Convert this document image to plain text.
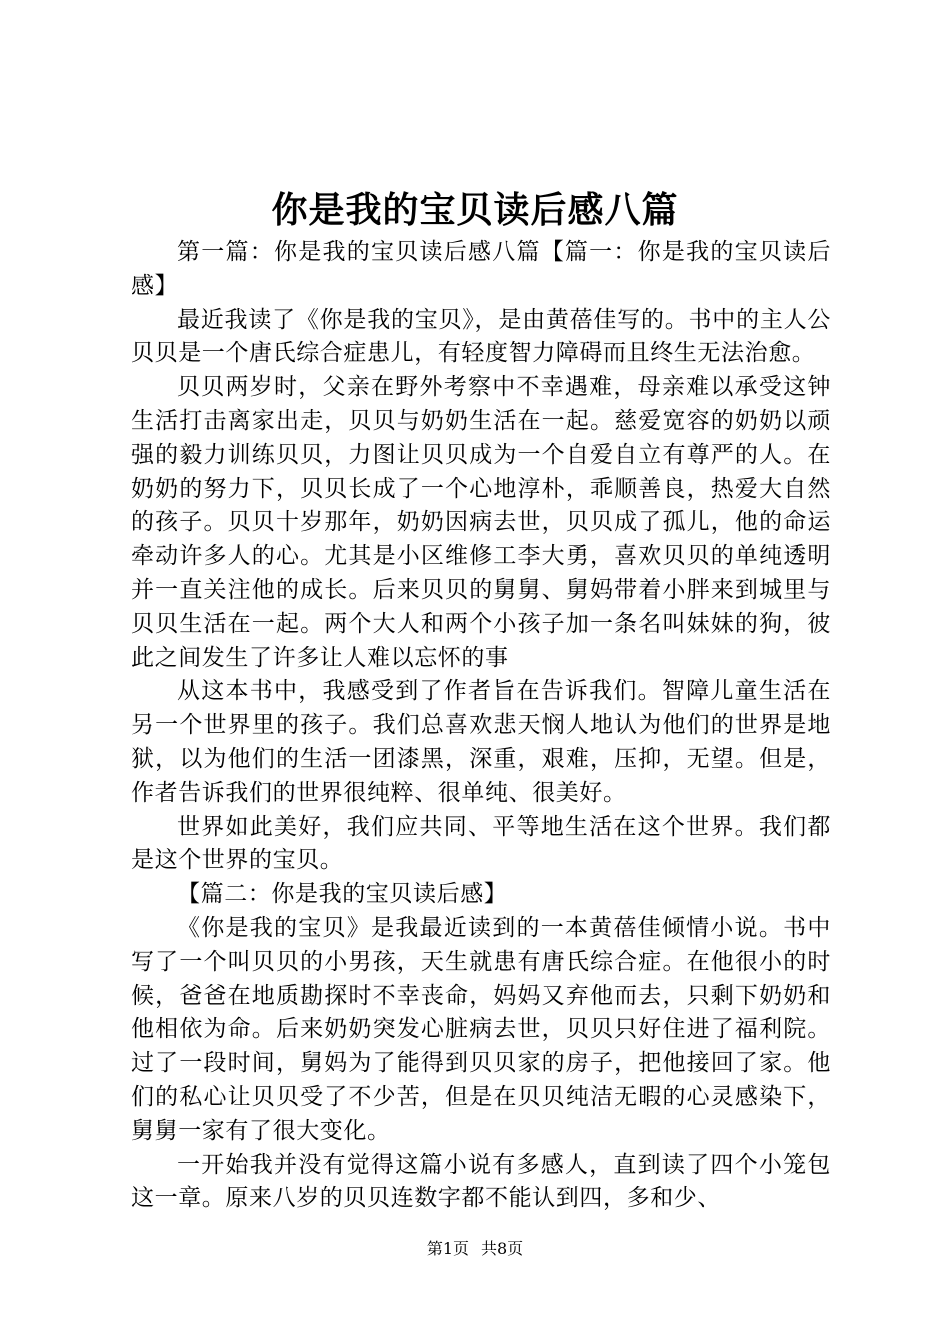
你是我的宝贝读后感八篇

第一篇：你是我的宝贝读后感八篇【篇一：你是我的宝贝读后感】

最近我读了《你是我的宝贝》，是由黄蓓佳写的。书中的主人公贝贝是一个唐氏综合症患儿，有轻度智力障碍而且终生无法治愈。

贝贝两岁时，父亲在野外考察中不幸遇难，母亲难以承受这钟生活打击离家出走，贝贝与奶奶生活在一起。慈爱宽容的奶奶以顽强的毅力训练贝贝，力图让贝贝成为一个自爱自立有尊严的人。在奶奶的努力下，贝贝长成了一个心地淳朴，乖顺善良，热爱大自然的孩子。贝贝十岁那年，奶奶因病去世，贝贝成了孤儿，他的命运牵动许多人的心。尤其是小区维修工李大勇，喜欢贝贝的单纯透明并一直关注他的成长。后来贝贝的舅舅、舅妈带着小胖来到城里与贝贝生活在一起。两个大人和两个小孩子加一条名叫妹妹的狗，彼此之间发生了许多让人难以忘怀的事

从这本书中，我感受到了作者旨在告诉我们。智障儿童生活在另一个世界里的孩子。我们总喜欢悲天悯人地认为他们的世界是地狱，以为他们的生活一团漆黑，深重，艰难，压抑，无望。但是，作者告诉我们的世界很纯粹、很单纯、很美好。

世界如此美好，我们应共同、平等地生活在这个世界。我们都是这个世界的宝贝。

【篇二：你是我的宝贝读后感】

《你是我的宝贝》是我最近读到的一本黄蓓佳倾情小说。书中写了一个叫贝贝的小男孩，天生就患有唐氏综合症。在他很小的时候，爸爸在地质勘探时不幸丧命，妈妈又弃他而去，只剩下奶奶和他相依为命。后来奶奶突发心脏病去世，贝贝只好住进了福利院。过了一段时间，舅妈为了能得到贝贝家的房子，把他接回了家。他们的私心让贝贝受了不少苦，但是在贝贝纯洁无暇的心灵感染下，舅舅一家有了很大变化。

一开始我并没有觉得这篇小说有多感人，直到读了四个小笼包这一章。原来八岁的贝贝连数字都不能认到四，多和少、

第1页 共8页
